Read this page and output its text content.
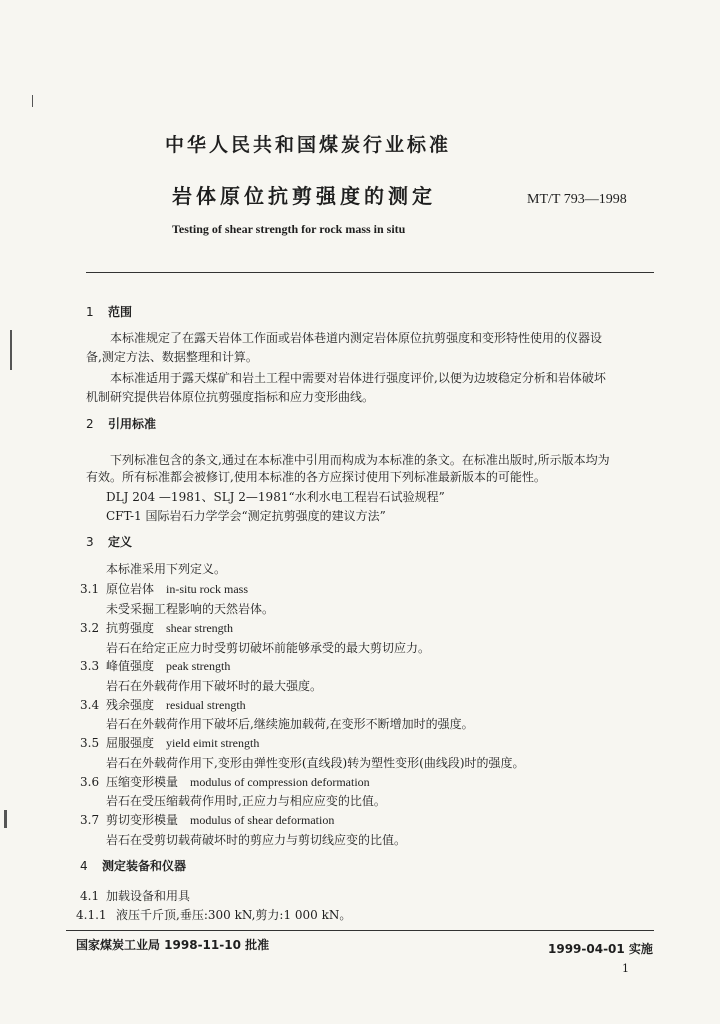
中华人民共和国煤炭行业标准
岩体原位抗剪强度的测定	MT/T 793—1998
Testing of shear strength for rock mass in situ
1 范围
本标准规定了在露天岩体工作面或岩体巷道内测定岩体原位抗剪强度和变形特性使用的仪器设
备,测定方法、数据整理和计算。
本标准适用于露天煤矿和岩土工程中需要对岩体进行强度评价,以便为边坡稳定分析和岩体破坏
机制研究提供岩体原位抗剪强度指标和应力变形曲线。
2 引用标准
下列标准包含的条文,通过在本标准中引用而构成为本标准的条文。在标准出版时,所示版本均为
有效。所有标准都会被修订,使用本标准的各方应探讨使用下列标准最新版本的可能性。
DLJ 204 —1981、SLJ 2—1981“水利水电工程岩石试验规程”
CFT-1 国际岩石力学学会“测定抗剪强度的建议方法”
3 定义
本标准采用下列定义。
3.1 原位岩体 in-situ rock mass
未受采掘工程影响的天然岩体。
3.2 抗剪强度 shear strength
岩石在给定正应力时受剪切破坏前能够承受的最大剪切应力。
3.3 峰值强度 peak strength
岩石在外载荷作用下破坏时的最大强度。
3.4 残余强度 residual strength
岩石在外载荷作用下破坏后,继续施加载荷,在变形不断增加时的强度。
3.5 屈服强度 yield eimit strength
岩石在外载荷作用下,变形由弹性变形(直线段)转为塑性变形(曲线段)时的强度。
3.6 压缩变形模量 modulus of compression deformation
岩石在受压缩载荷作用时,正应力与相应应变的比值。
3.7 剪切变形模量 modulus of shear deformation
岩石在受剪切载荷破坏时的剪应力与剪切线应变的比值。
4 测定装备和仪器
4.1 加载设备和用具
4.1.1 液压千斤顶,垂压:300 kN,剪力:1 000 kN。
国家煤炭工业局 1998-11-10 批准	1999-04-01 实施
1
